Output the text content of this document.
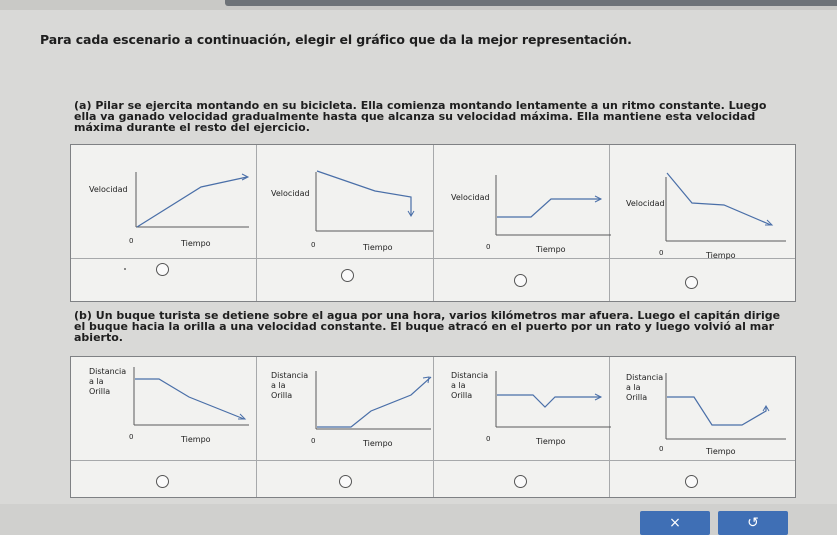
Para cada escenario a continuación, elegir el gráfico que da la mejor representación.
(a) Pilar se ejercita montando en su bicicleta. Ella comienza montando lentamente a un ritmo constante. Luego ella va ganado velocidad gradualmente hasta que alcanza su velocidad máxima. Ella mantiene esta velocidad máxima durante el resto del ejercicio.
Velocidad
0	Tiempo
Velocidad
0	Tiempo
Velocidad
0	Tiempo
Velocidad
0	Tiempo
(b) Un buque turista se detiene sobre el agua por una hora, varios kilómetros mar afuera. Luego el capitán dirige el buque hacia la orilla a una velocidad constante. El buque atracó en el puerto por un rato y luego volvió al mar abierto.
Distancia
a la
Orilla
0	Tiempo
Distancia
a la
Orilla
0	Tiempo
Distancia
a la
Orilla
0	Tiempo
Distancia
a la
Orilla
0	Tiempo
×	↺
